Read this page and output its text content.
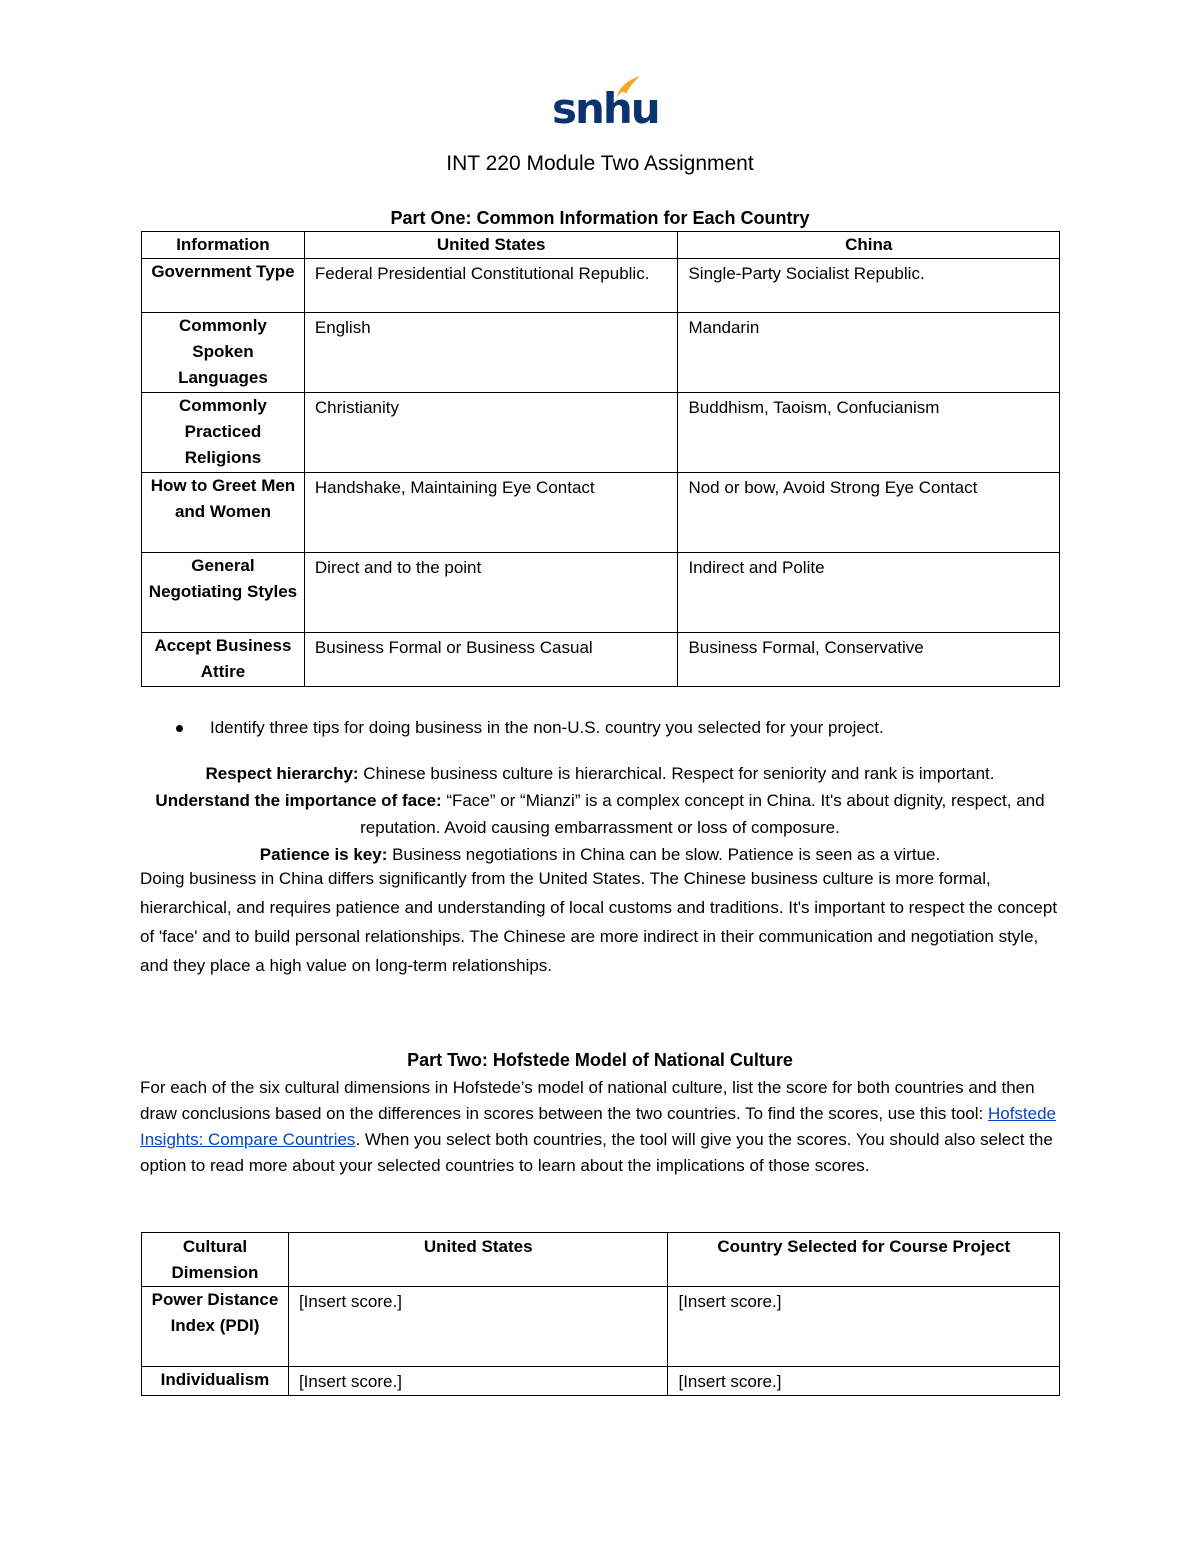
snhu
INT 220 Module Two Assignment
Part One: Common Information for Each Country
Information	United States	China
Government Type	Federal Presidential Constitutional Republic.	Single-Party Socialist Republic.
Commonly Spoken Languages	English	Mandarin
Commonly Practiced Religions	Christianity	Buddhism, Taoism, Confucianism
How to Greet Men and Women	Handshake, Maintaining Eye Contact	Nod or bow, Avoid Strong Eye Contact
General Negotiating Styles	Direct and to the point	Indirect and Polite
Accept Business Attire	Business Formal or Business Casual	Business Formal, Conservative
Identify three tips for doing business in the non-U.S. country you selected for your project.
Respect hierarchy: Chinese business culture is hierarchical. Respect for seniority and rank is important.
Understand the importance of face: “Face” or “Mianzi” is a complex concept in China. It's about dignity, respect, and reputation. Avoid causing embarrassment or loss of composure.
Patience is key: Business negotiations in China can be slow. Patience is seen as a virtue.
Doing business in China differs significantly from the United States. The Chinese business culture is more formal, hierarchical, and requires patience and understanding of local customs and traditions. It's important to respect the concept of 'face' and to build personal relationships. The Chinese are more indirect in their communication and negotiation style, and they place a high value on long-term relationships.
Part Two: Hofstede Model of National Culture
For each of the six cultural dimensions in Hofstede’s model of national culture, list the score for both countries and then draw conclusions based on the differences in scores between the two countries. To find the scores, use this tool: Hofstede Insights: Compare Countries. When you select both countries, the tool will give you the scores. You should also select the option to read more about your selected countries to learn about the implications of those scores.
Cultural Dimension	United States	Country Selected for Course Project
Power Distance Index (PDI)	[Insert score.]	[Insert score.]
Individualism	[Insert score.]	[Insert score.]
